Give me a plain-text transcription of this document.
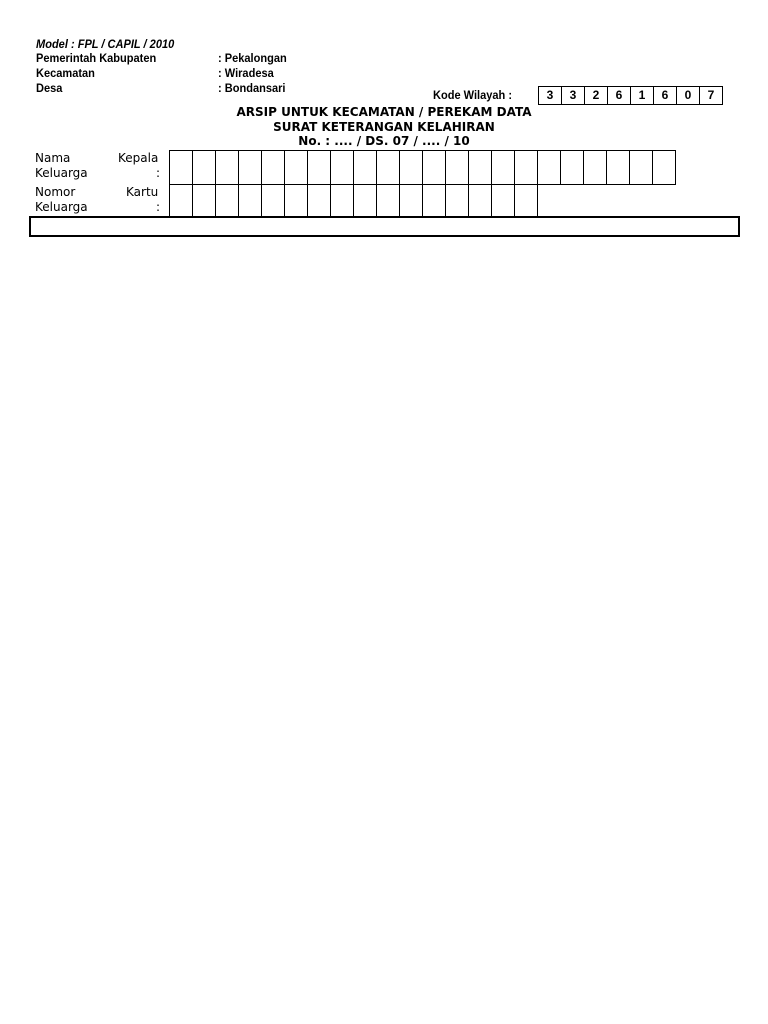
Model : FPL / CAPIL / 2010
Pemerintah Kabupaten	: Pekalongan
Kecamatan	: Wiradesa
Desa	: Bondansari	Kode Wilayah :	3	3	2	6	1	6	0	7
ARSIP UNTUK KECAMATAN / PEREKAM DATA
SURAT KETERANGAN KELAHIRAN
No. : .... / DS. 07 / .... / 10
Nama	Kepala
Keluarga	:
Nomor	Kartu
Keluarga	:
